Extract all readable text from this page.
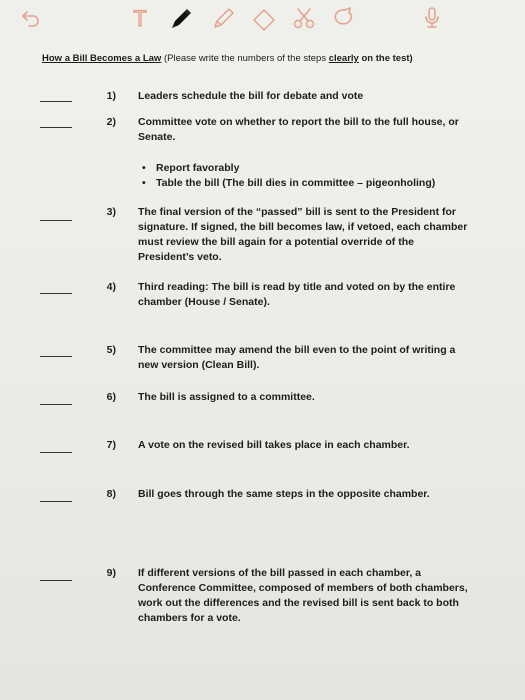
T
How a Bill Becomes a Law (Please write the numbers of the steps clearly on the test)
1) Leaders schedule the bill for debate and vote
2) Committee vote on whether to report the bill to the full house, or Senate.
• Report favorably
• Table the bill (The bill dies in committee – pigeonholing)
3) The final version of the “passed” bill is sent to the President for signature. If signed, the bill becomes law, if vetoed, each chamber must review the bill again for a potential override of the President’s veto.
4) Third reading: The bill is read by title and voted on by the entire chamber (House / Senate).
5) The committee may amend the bill even to the point of writing a new version (Clean Bill).
6) The bill is assigned to a committee.
7) A vote on the revised bill takes place in each chamber.
8) Bill goes through the same steps in the opposite chamber.
9) If different versions of the bill passed in each chamber, a Conference Committee, composed of members of both chambers, work out the differences and the revised bill is sent back to both chambers for a vote.
